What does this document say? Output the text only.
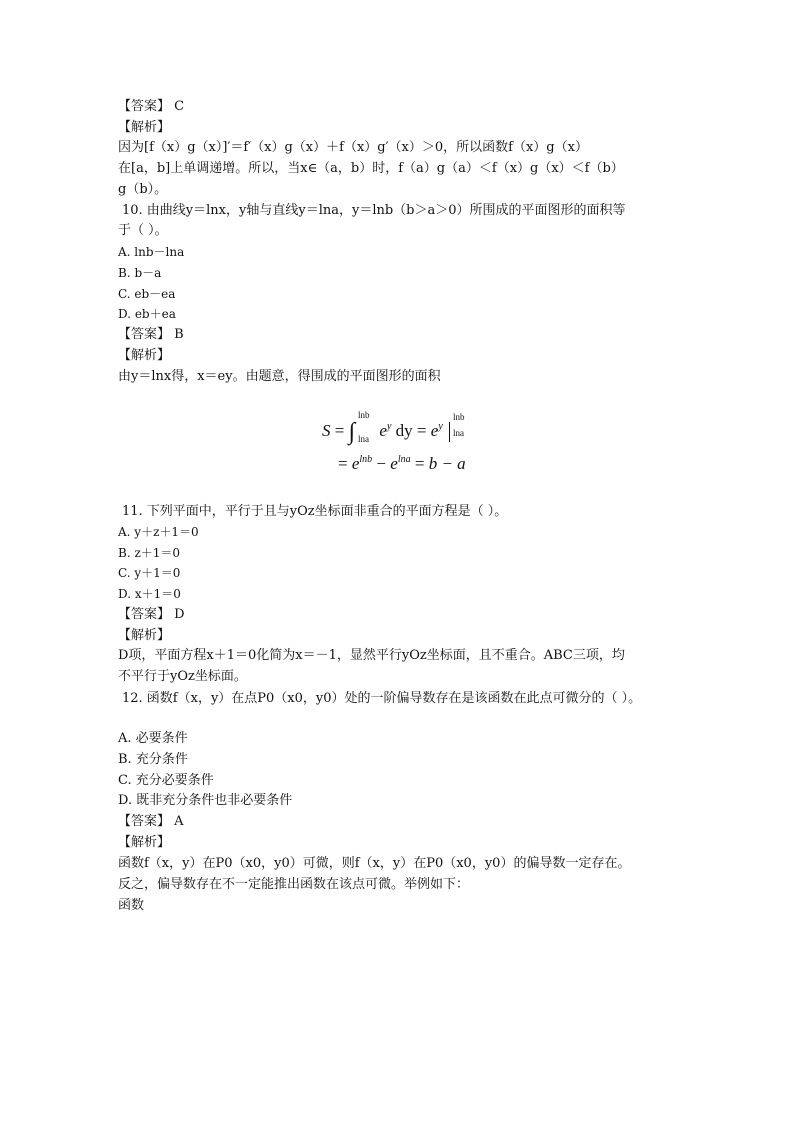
【答案】 C
【解析】
因为[f（x）g（x）]′＝f′（x）g（x）＋f（x）g′（x）＞0，所以函数f（x）g（x）
在[a，b]上单调递增。所以，当x∈（a，b）时，f（a）g（a）＜f（x）g（x）＜f（b）
g（b）。
10. 由曲线y＝lnx，y轴与直线y＝lna，y＝lnb（b＞a＞0）所围成的平面图形的面积等
于（ ）。
A. lnb－lna
B. b－a
C. eb－ea
D. eb＋ea
【答案】 B
【解析】
由y＝lnx得，x＝ey。由题意，得围成的平面图形的面积
S = ∫ $e^y$ dy = $e^y$
lnb
lna
lnb
lna
= $e^{lnb} - e^{lna} = b - a$
11. 下列平面中，平行于且与yOz坐标面非重合的平面方程是（ ）。
A. y＋z＋1＝0
B. z＋1＝0
C. y＋1＝0
D. x＋1＝0
【答案】 D
【解析】
D项，平面方程x＋1＝0化简为x＝－1，显然平行yOz坐标面，且不重合。ABC三项，均
不平行于yOz坐标面。
12. 函数f（x，y）在点P0（x0，y0）处的一阶偏导数存在是该函数在此点可微分的（ ）。
A. 必要条件
B. 充分条件
C. 充分必要条件
D. 既非充分条件也非必要条件
【答案】 A
【解析】
函数f（x，y）在P0（x0，y0）可微，则f（x，y）在P0（x0，y0）的偏导数一定存在。
反之，偏导数存在不一定能推出函数在该点可微。举例如下：
函数
